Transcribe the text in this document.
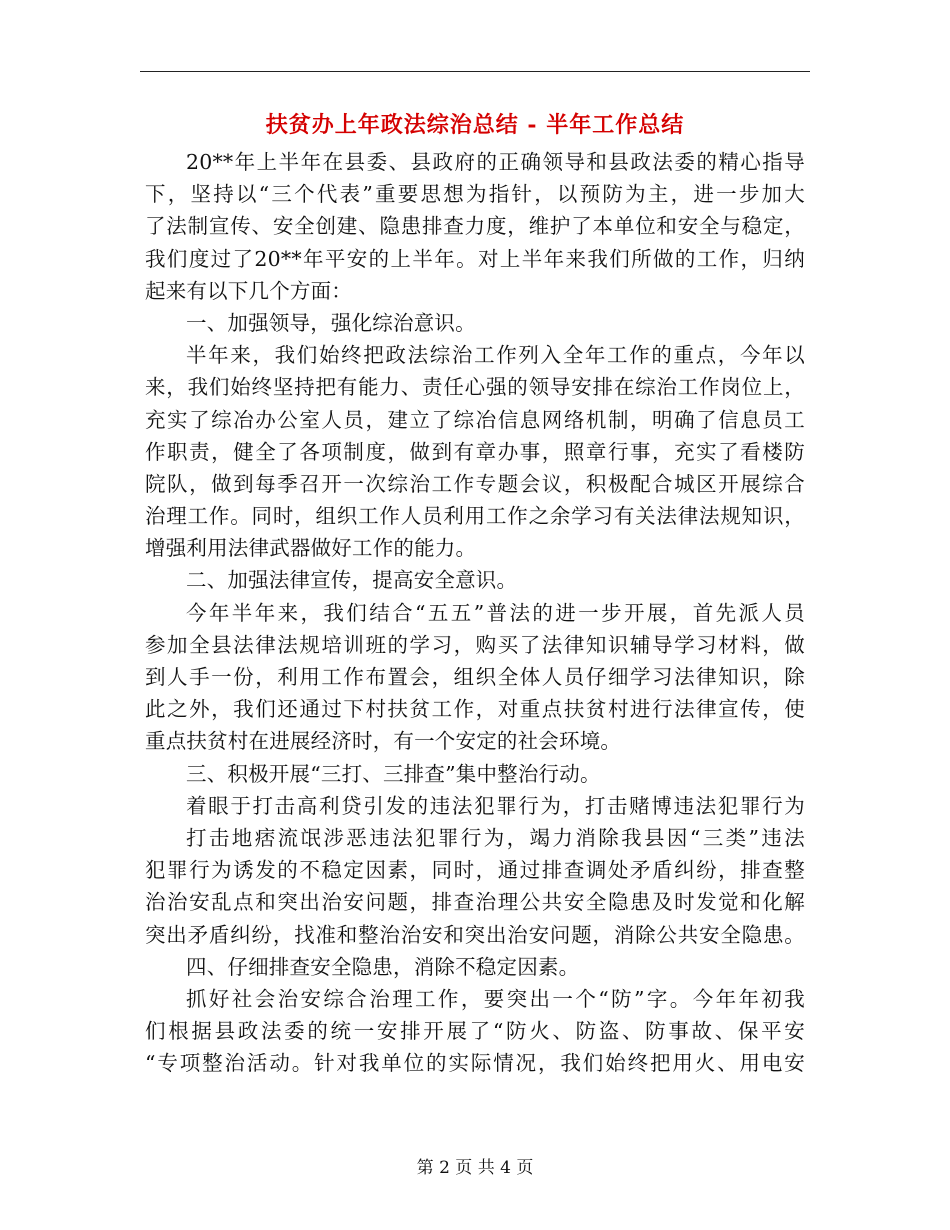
扶贫办上年政法综治总结 - 半年工作总结
20**年上半年在县委、县政府的正确领导和县政法委的精心指导
下，坚持以“三个代表”重要思想为指针，以预防为主，进一步加大
了法制宣传、安全创建、隐患排查力度，维护了本单位和安全与稳定，
我们度过了20**年平安的上半年。对上半年来我们所做的工作，归纳
起来有以下几个方面：
一、加强领导，强化综治意识。
半年来，我们始终把政法综治工作列入全年工作的重点，今年以
来，我们始终坚持把有能力、责任心强的领导安排在综治工作岗位上，
充实了综冶办公室人员，建立了综冶信息网络机制，明确了信息员工
作职责，健全了各项制度，做到有章办事，照章行事，充实了看楼防
院队，做到每季召开一次综治工作专题会议，积极配合城区开展综合
治理工作。同时，组织工作人员利用工作之余学习有关法律法规知识，
增强利用法律武器做好工作的能力。
二、加强法律宣传，提高安全意识。
今年半年来，我们结合“五五”普法的进一步开展，首先派人员
参加全县法律法规培训班的学习，购买了法律知识辅导学习材料，做
到人手一份，利用工作布置会，组织全体人员仔细学习法律知识，除
此之外，我们还通过下村扶贫工作，对重点扶贫村进行法律宣传，使
重点扶贫村在进展经济时，有一个安定的社会环境。
三、积极开展“三打、三排查”集中整治行动。
着眼于打击高利贷引发的违法犯罪行为，打击赌博违法犯罪行为
打击地痞流氓涉恶违法犯罪行为，竭力消除我县因“三类”违法
犯罪行为诱发的不稳定因素，同时，通过排查调处矛盾纠纷，排查整
治治安乱点和突出治安问题，排查治理公共安全隐患及时发觉和化解
突出矛盾纠纷，找准和整治治安和突出治安问题，消除公共安全隐患。
四、仔细排查安全隐患，消除不稳定因素。
抓好社会治安综合治理工作，要突出一个“防”字。今年年初我
们根据县政法委的统一安排开展了“防火、防盗、防事故、保平安
“专项整治活动。针对我单位的实际情况，我们始终把用火、用电安
第 2 页 共 4 页
